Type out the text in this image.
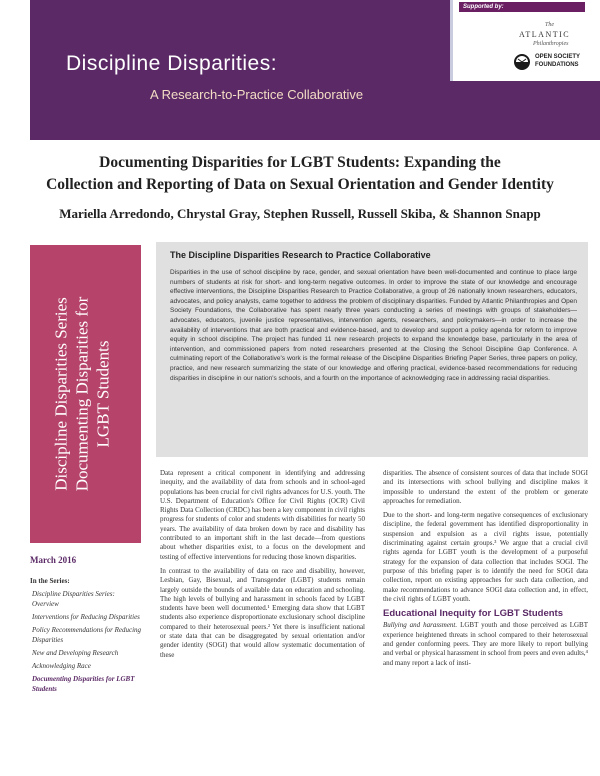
Discipline Disparities:
A Research-to-Practice Collaborative
Supported by:
The
ATLANTIC
Philanthropies
OPEN SOCIETY
FOUNDATIONS
Documenting Disparities for LGBT Students: Expanding the
Collection and Reporting of Data on Sexual Orientation and Gender Identity
Mariella Arredondo, Chrystal Gray, Stephen Russell, Russell Skiba, & Shannon Snapp
Discipline Disparities Series Documenting Disparities for LGBT Students
March 2016
In the Series:
Discipline Disparities Series: Overview
Interventions for Reducing Disparities
Policy Recommendations for Reducing Disparities
New and Developing Research
Acknowledging Race
Documenting Disparities for LGBT Students
The Discipline Disparities Research to Practice Collaborative
Disparities in the use of school discipline by race, gender, and sexual orientation have been well-documented and continue to place large numbers of students at risk for short- and long-term negative outcomes. In order to improve the state of our knowledge and encourage effective interventions, the Discipline Disparities Research to Practice Collaborative, a group of 26 nationally known researchers, educators, advocates, and policy analysts, came together to address the problem of disciplinary disparities. Funded by Atlantic Philanthropies and Open Society Foundations, the Collaborative has spent nearly three years conducting a series of meetings with groups of stakeholders—advocates, educators, juvenile justice representatives, intervention agents, researchers, and policymakers—in order to increase the availability of interventions that are both practical and evidence-based, and to develop and support a policy agenda for reform to improve equity in school discipline. The project has funded 11 new research projects to expand the knowledge base, particularly in the area of intervention, and commissioned papers from noted researchers presented at the Closing the School Discipline Gap Conference. A culminating report of the Collaborative's work is the formal release of the Discipline Disparities Briefing Paper Series, three papers on policy, practice, and new research summarizing the state of our knowledge and offering practical, evidence-based recommendations for reducing disparities in discipline in our nation's schools, and a fourth on the importance of acknowledging race in addressing racial disparities.

Data represent a critical component in identifying and addressing inequity, and the availability of data from schools and in school-aged populations has been crucial for civil rights advances for U.S. youth. The U.S. Department of Education's Office for Civil Rights (OCR) Civil Rights Data Collection (CRDC) has been a key component in civil rights progress for students of color and students with disabilities for nearly 50 years. The availability of data broken down by race and disability has contributed to an important shift in the last decade—from questions about whether disparities exist, to a focus on the development and testing of effective interventions for reducing those known disparities.

In contrast to the availability of data on race and disability, however, Lesbian, Gay, Bisexual, and Transgender (LGBT) students remain largely outside the bounds of available data on education and schooling. The high levels of bullying and harassment in schools faced by LGBT students have been well documented.¹ Emerging data show that LGBT students also experience disproportionate exclusionary school discipline compared to their heterosexual peers.² Yet there is insufficient national or state data that can be disaggregated by sexual orientation and/or gender identity (SOGI) that would allow systematic documentation of these

disparities. The absence of consistent sources of data that include SOGI and its intersections with school bullying and discipline makes it impossible to understand the extent of the problem or generate approaches for remediation.

Due to the short- and long-term negative consequences of exclusionary discipline, the federal government has identified disproportionality in suspension and expulsion as a civil rights issue, potentially discriminating against certain groups.³ We argue that a crucial civil rights agenda for LGBT youth is the development of a purposeful strategy for the expansion of data collection that includes SOGI. The purpose of this briefing paper is to identify the need for SOGI data collection, report on existing approaches for such data collection, and make recommendations to advance SOGI data collection and, in effect, the civil rights of LGBT youth.

Educational Inequity for LGBT Students

Bullying and harassment. LGBT youth and those perceived as LGBT experience heightened threats in school compared to their heterosexual and gender conforming peers. They are more likely to report bullying and verbal or physical harassment in school from peers and even adults,⁴ and many report a lack of insti-
